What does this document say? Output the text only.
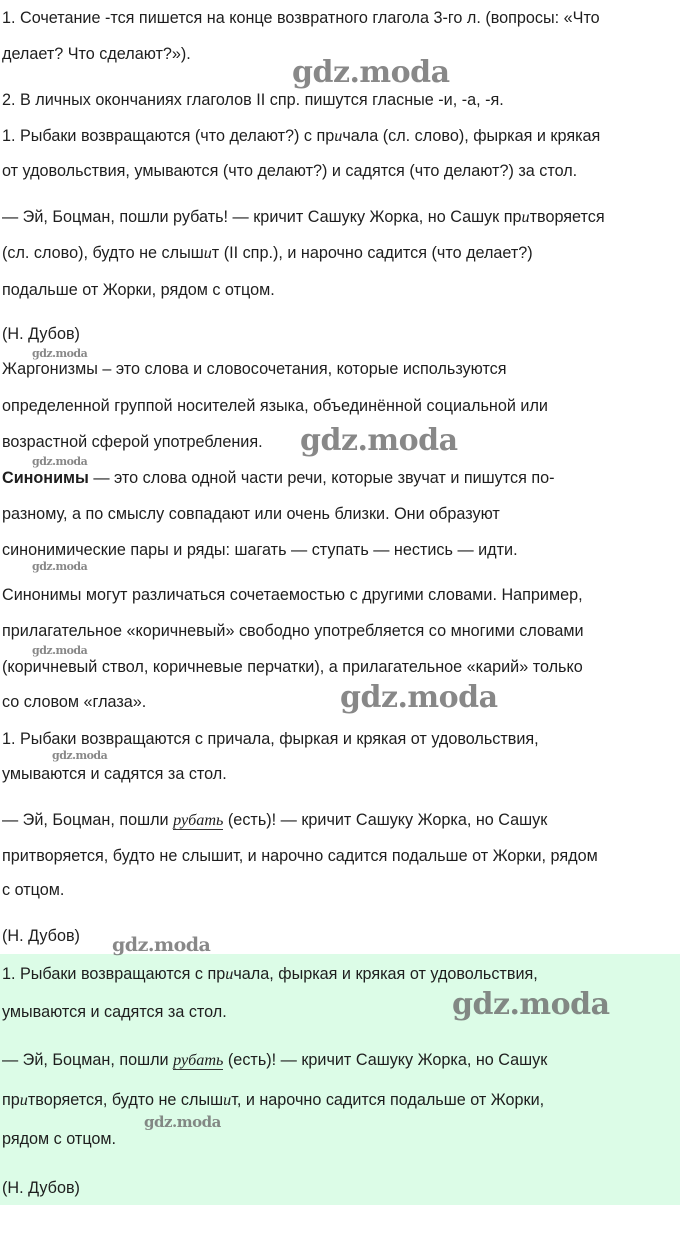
1. Сочетание -тся пишется на конце возвратного глагола 3-го л. (вопросы: «Что
делает? Что сделают?»).
2. В личных окончаниях глаголов II спр. пишутся гласные -и, -а, -я.
1. Рыбаки возвращаются (что делают?) с причала (сл. слово), фыркая и крякая
от удовольствия, умываются (что делают?) и садятся (что делают?) за стол.
— Эй, Боцман, пошли рубать! — кричит Сашуку Жорка, но Сашук притворяется
(сл. слово), будто не слышит (II спр.), и нарочно садится (что делает?)
подальше от Жорки, рядом с отцом.
(Н. Дубов)
Жаргонизмы – это слова и словосочетания, которые используются
определенной группой носителей языка, объединённой социальной или
возрастной сферой употребления.
Синонимы — это слова одной части речи, которые звучат и пишутся по-
разному, а по смыслу совпадают или очень близки. Они образуют
синонимические пары и ряды: шагать — ступать — нестись — идти.
Синонимы могут различаться сочетаемостью с другими словами. Например,
прилагательное «коричневый» свободно употребляется со многими словами
(коричневый ствол, коричневые перчатки), а прилагательное «карий» только
со словом «глаза».
1. Рыбаки возвращаются с причала, фыркая и крякая от удовольствия,
умываются и садятся за стол.
— Эй, Боцман, пошли рубать (есть)! — кричит Сашуку Жорка, но Сашук
притворяется, будто не слышит, и нарочно садится подальше от Жорки, рядом
с отцом.
(Н. Дубов)
1. Рыбаки возвращаются с причала, фыркая и крякая от удовольствия,
умываются и садятся за стол.
— Эй, Боцман, пошли рубать (есть)! — кричит Сашуку Жорка, но Сашук
притворяется, будто не слышит, и нарочно садится подальше от Жорки,
рядом с отцом.
(Н. Дубов)
gdz.moda
gdz.moda
gdz.moda
gdz.moda
gdz.moda
gdz.moda
gdz.moda
gdz.moda
gdz.moda
gdz.moda
gdz.moda
